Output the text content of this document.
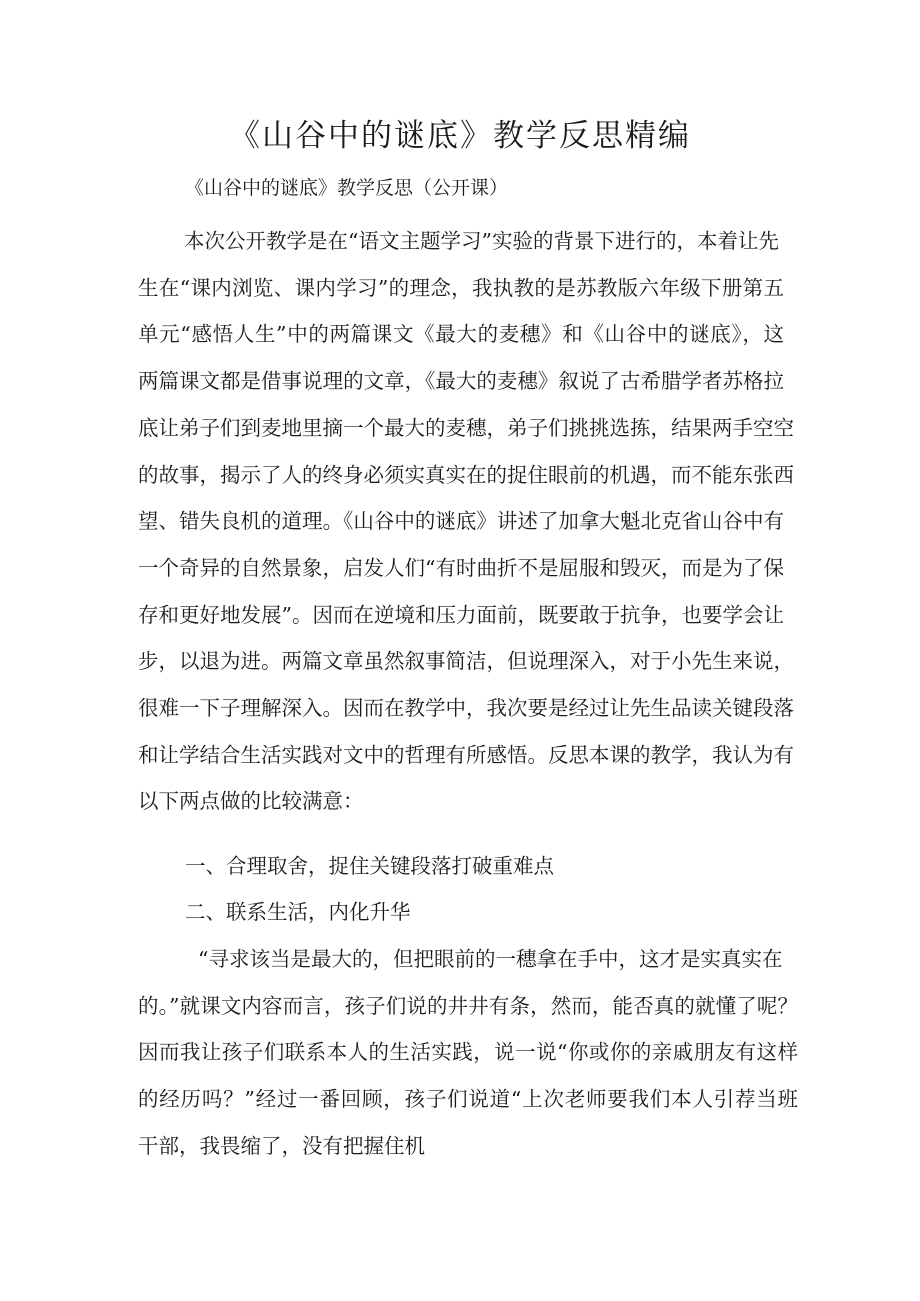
《山谷中的谜底》教学反思精编

《山谷中的谜底》教学反思（公开课）

本次公开教学是在“语文主题学习”实验的背景下进行的，本着让先
生在“课内浏览、课内学习”的理念，我执教的是苏教版六年级下册第五
单元“感悟人生”中的两篇课文《最大的麦穗》和《山谷中的谜底》，这
两篇课文都是借事说理的文章，《最大的麦穗》叙说了古希腊学者苏格拉
底让弟子们到麦地里摘一个最大的麦穗，弟子们挑挑选拣，结果两手空空
的故事，揭示了人的终身必须实真实在的捉住眼前的机遇，而不能东张西
望、错失良机的道理。《山谷中的谜底》讲述了加拿大魁北克省山谷中有
一个奇异的自然景象，启发人们“有时曲折不是屈服和毁灭，而是为了保
存和更好地发展”。因而在逆境和压力面前，既要敢于抗争，也要学会让
步，以退为进。两篇文章虽然叙事简洁，但说理深入，对于小先生来说，
很难一下子理解深入。因而在教学中，我次要是经过让先生品读关键段落
和让学结合生活实践对文中的哲理有所感悟。反思本课的教学，我认为有
以下两点做的比较满意：
一、合理取舍，捉住关键段落打破重难点
二、联系生活，内化升华
“寻求该当是最大的，但把眼前的一穗拿在手中，这才是实真实在
的。”就课文内容而言，孩子们说的井井有条，然而，能否真的就懂了呢？
因而我让孩子们联系本人的生活实践，说一说“你或你的亲戚朋友有这样
的经历吗？”经过一番回顾，孩子们说道“上次老师要我们本人引荐当班
干部，我畏缩了，没有把握住机
